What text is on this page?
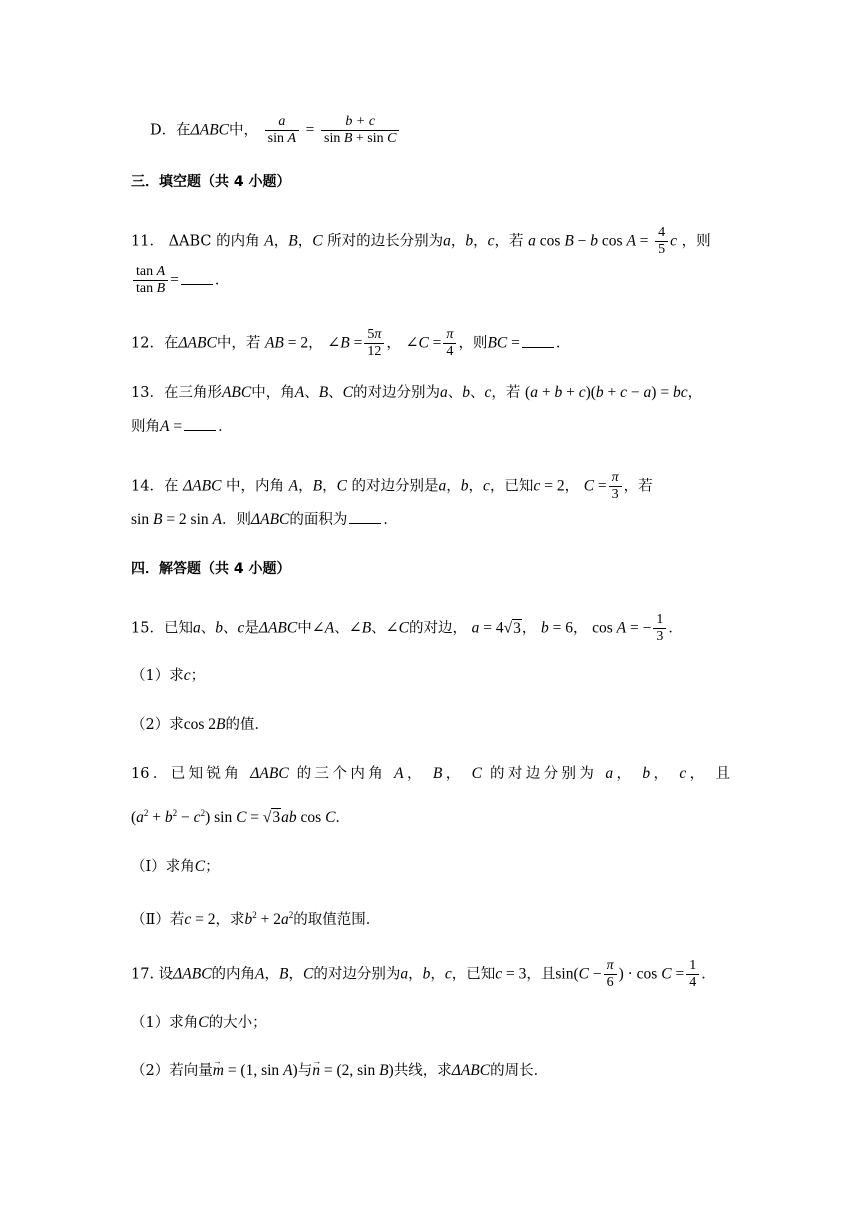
D．在ΔABC中， $\frac{a}{\text{sin A}} = \frac{b + c}{\text{sin B + sin C}}$
三．填空题（共 4 小题）
11． ΔABC 的内角 A，B，C 所对的边长分别为a，b，c，若 a cos B − b $\cos A = \frac{4}{5}$ c ，则
$\frac{\text{tan A}}{\text{tan B}}$ = ．
12．在ΔABC中，若 AB = 2， ∠B = $\frac{5\pi}{12}$ ， ∠C = $\frac{\pi}{4}$ ，则BC = ．
13．在三角形ABC中，角A、B、C的对边分别为a、b、c，若 (a + b + c)(b + c − a) = bc，
则角A = ．
14．在 ΔABC 中，内角 A，B，C 的对边分别是a，b，c，已知c = 2， $C = \frac{\pi}{3}$ ，若
sin B = 2 sin A．则ΔABC的面积为 ．
四．解答题（共 4 小题）
15．已知a、b、c是ΔABC中∠A、∠B、∠C的对边， a = 4√3， b = 6， cos A = − $\frac{1}{3}$ ．
（1）求c；
（2）求cos 2B的值．
16．已知锐角 ΔABC 的三个内角 A， B， C 的对边分别为 a， b， c， 且
$(a^2 + b^2 - c^2)$ sin C = √3ab cos C．
（Ⅰ）求角C；
（Ⅱ）若c = 2，求$b^2 + 2a^2$的取值范围．
17. 设ΔABC的内角A，B，C的对边分别为a，b，c，已知c = 3，且$\sin(C - \frac{\pi}{6}$ ) · $\cos C = \frac{1}{4}$ ．
（1）求角C的大小；
（2）若向量→ m = (1, sin A)与→ n = (2, sin B)共线，求ΔABC的周长．
